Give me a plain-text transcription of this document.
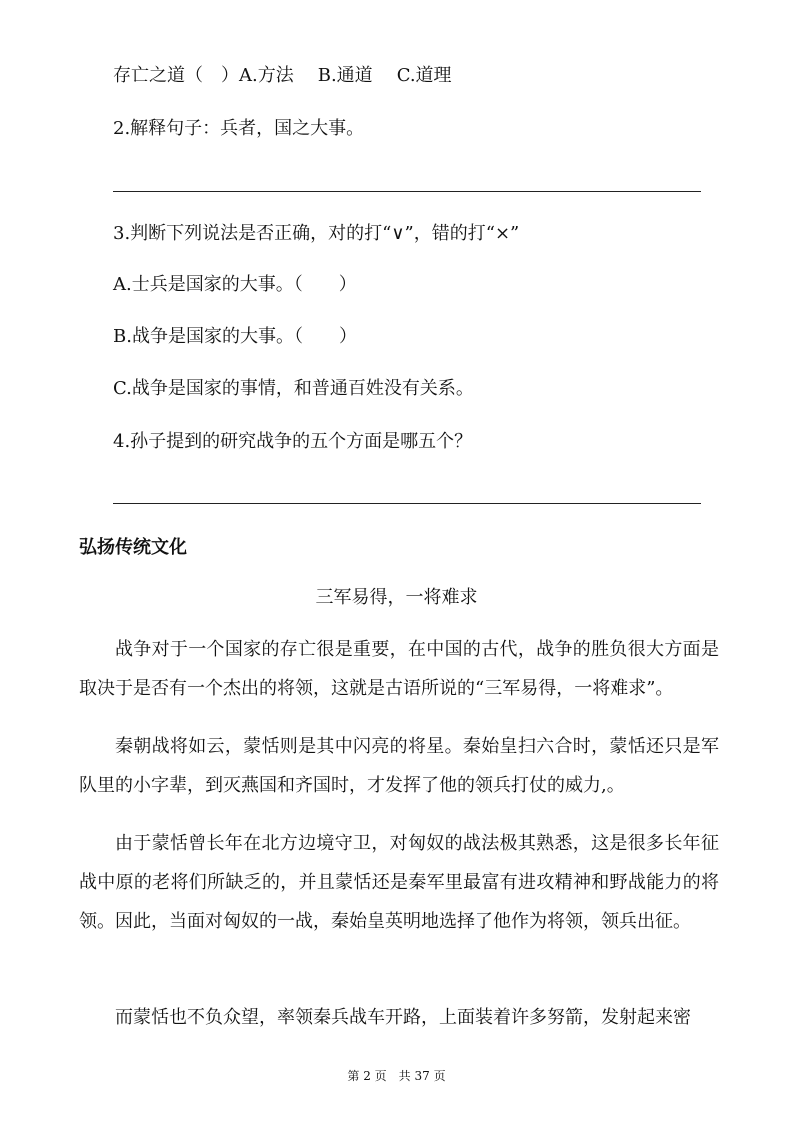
存亡之道（　）A.方法 B.通道 C.道理

2.解释句子：兵者，国之大事。

3.判断下列说法是否正确，对的打“∨”，错的打“×”

A.士兵是国家的大事。（　　）

B.战争是国家的大事。（　　）

C.战争是国家的事情，和普通百姓没有关系。

4.孙子提到的研究战争的五个方面是哪五个？

弘扬传统文化

三军易得，一将难求

战争对于一个国家的存亡很是重要，在中国的古代，战争的胜负很大方面是取决于是否有一个杰出的将领，这就是古语所说的“三军易得，一将难求”。

秦朝战将如云，蒙恬则是其中闪亮的将星。秦始皇扫六合时，蒙恬还只是军队里的小字辈，到灭燕国和齐国时，才发挥了他的领兵打仗的威力,。

由于蒙恬曾长年在北方边境守卫，对匈奴的战法极其熟悉，这是很多长年征战中原的老将们所缺乏的，并且蒙恬还是秦军里最富有进攻精神和野战能力的将领。因此，当面对匈奴的一战，秦始皇英明地选择了他作为将领，领兵出征。

而蒙恬也不负众望，率领秦兵战车开路，上面装着许多努箭，发射起来密

第 2 页　共 37 页
